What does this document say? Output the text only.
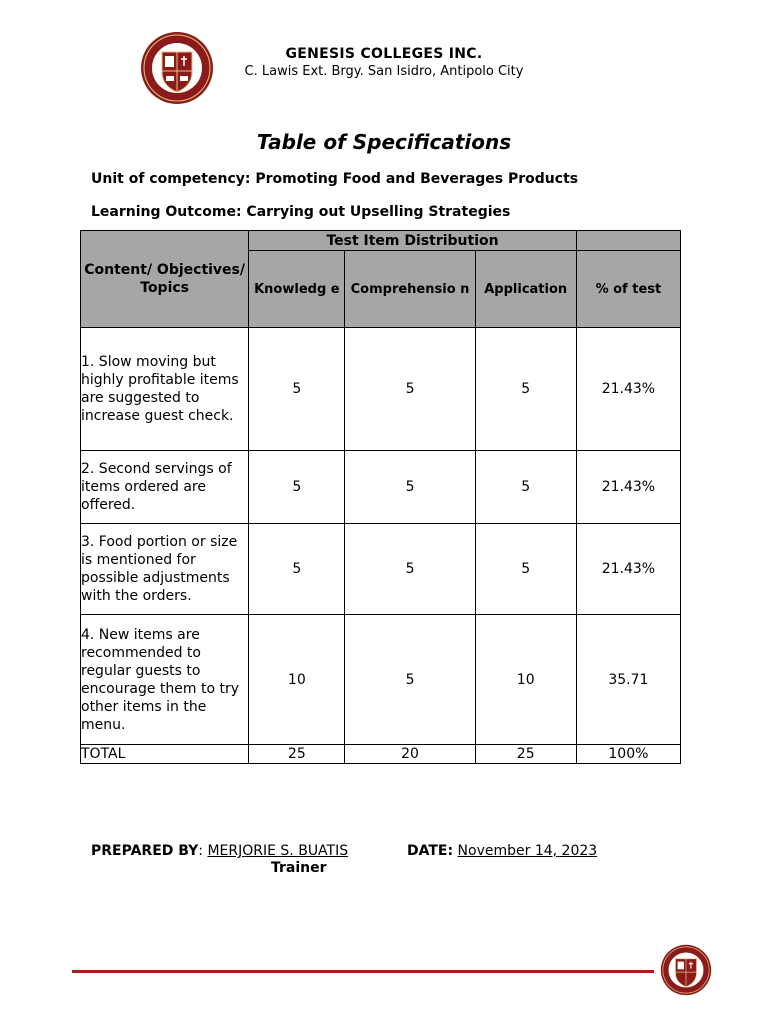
GENESIS COLLEGES INC.
C. Lawis Ext. Brgy. San Isidro, Antipolo City
Table of Specifications
Unit of competency: Promoting Food and Beverages Products
Learning Outcome: Carrying out Upselling Strategies
Content/ Objectives/ Topics	Test Item Distribution			
	Knowledg e	Comprehensio n	Application	% of test
1. Slow moving but highly profitable items are suggested to increase guest check.	5	5	5	21.43%
2. Second servings of items ordered are offered.	5	5	5	21.43%
3. Food portion or size is mentioned for possible adjustments with the orders.	5	5	5	21.43%
4. New items are recommended to regular guests to encourage them to try other items in the menu.	10	5	10	35.71
TOTAL	25	20	25	100%
PREPARED BY: MERJORIE S. BUATIS	DATE: November 14, 2023
Trainer
